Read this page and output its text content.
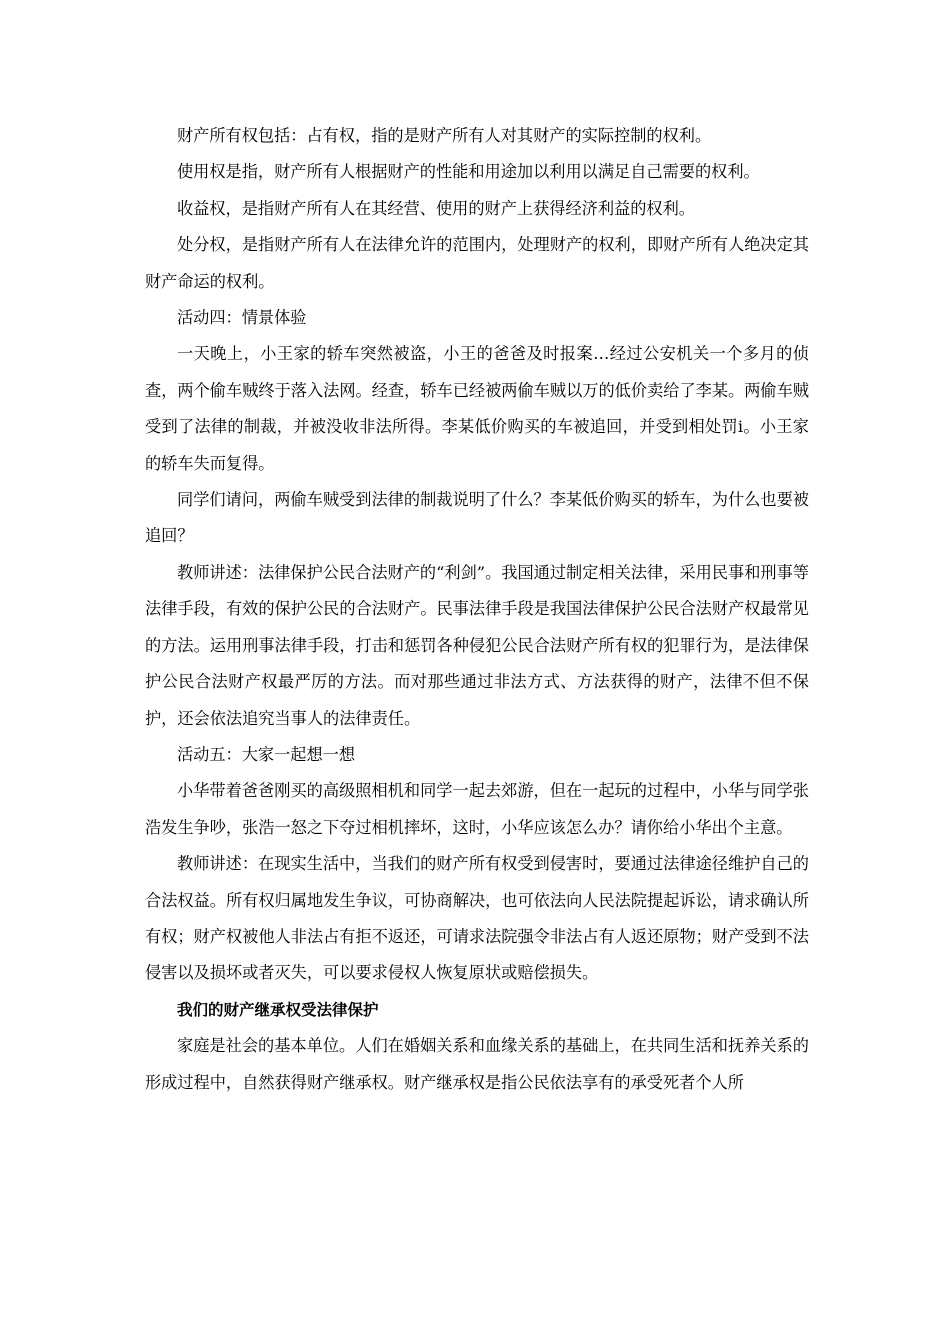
财产所有权包括：占有权，指的是财产所有人对其财产的实际控制的权利。

使用权是指，财产所有人根据财产的性能和用途加以利用以满足自己需要的权利。

收益权，是指财产所有人在其经营、使用的财产上获得经济利益的权利。

处分权，是指财产所有人在法律允许的范围内，处理财产的权利，即财产所有人绝决定其财产命运的权利。

活动四：情景体验

一天晚上，小王家的轿车突然被盗，小王的爸爸及时报案…经过公安机关一个多月的侦查，两个偷车贼终于落入法网。经查，轿车已经被两偷车贼以万的低价卖给了李某。两偷车贼受到了法律的制裁，并被没收非法所得。李某低价购买的车被追回，并受到相处罚i。小王家的轿车失而复得。

同学们请问，两偷车贼受到法律的制裁说明了什么？李某低价购买的轿车，为什么也要被追回？

教师讲述：法律保护公民合法财产的“利剑”。我国通过制定相关法律，采用民事和刑事等法律手段，有效的保护公民的合法财产。民事法律手段是我国法律保护公民合法财产权最常见的方法。运用刑事法律手段，打击和惩罚各种侵犯公民合法财产所有权的犯罪行为，是法律保护公民合法财产权最严厉的方法。而对那些通过非法方式、方法获得的财产，法律不但不保护，还会依法追究当事人的法律责任。

活动五：大家一起想一想

小华带着爸爸刚买的高级照相机和同学一起去郊游，但在一起玩的过程中，小华与同学张浩发生争吵，张浩一怒之下夺过相机摔坏，这时，小华应该怎么办？请你给小华出个主意。

教师讲述：在现实生活中，当我们的财产所有权受到侵害时，要通过法律途径维护自己的合法权益。所有权归属地发生争议，可协商解决，也可依法向人民法院提起诉讼，请求确认所有权；财产权被他人非法占有拒不返还，可请求法院强令非法占有人返还原物；财产受到不法侵害以及损坏或者灭失，可以要求侵权人恢复原状或赔偿损失。

我们的财产继承权受法律保护

家庭是社会的基本单位。人们在婚姻关系和血缘关系的基础上，在共同生活和抚养关系的形成过程中，自然获得财产继承权。财产继承权是指公民依法享有的承受死者个人所
